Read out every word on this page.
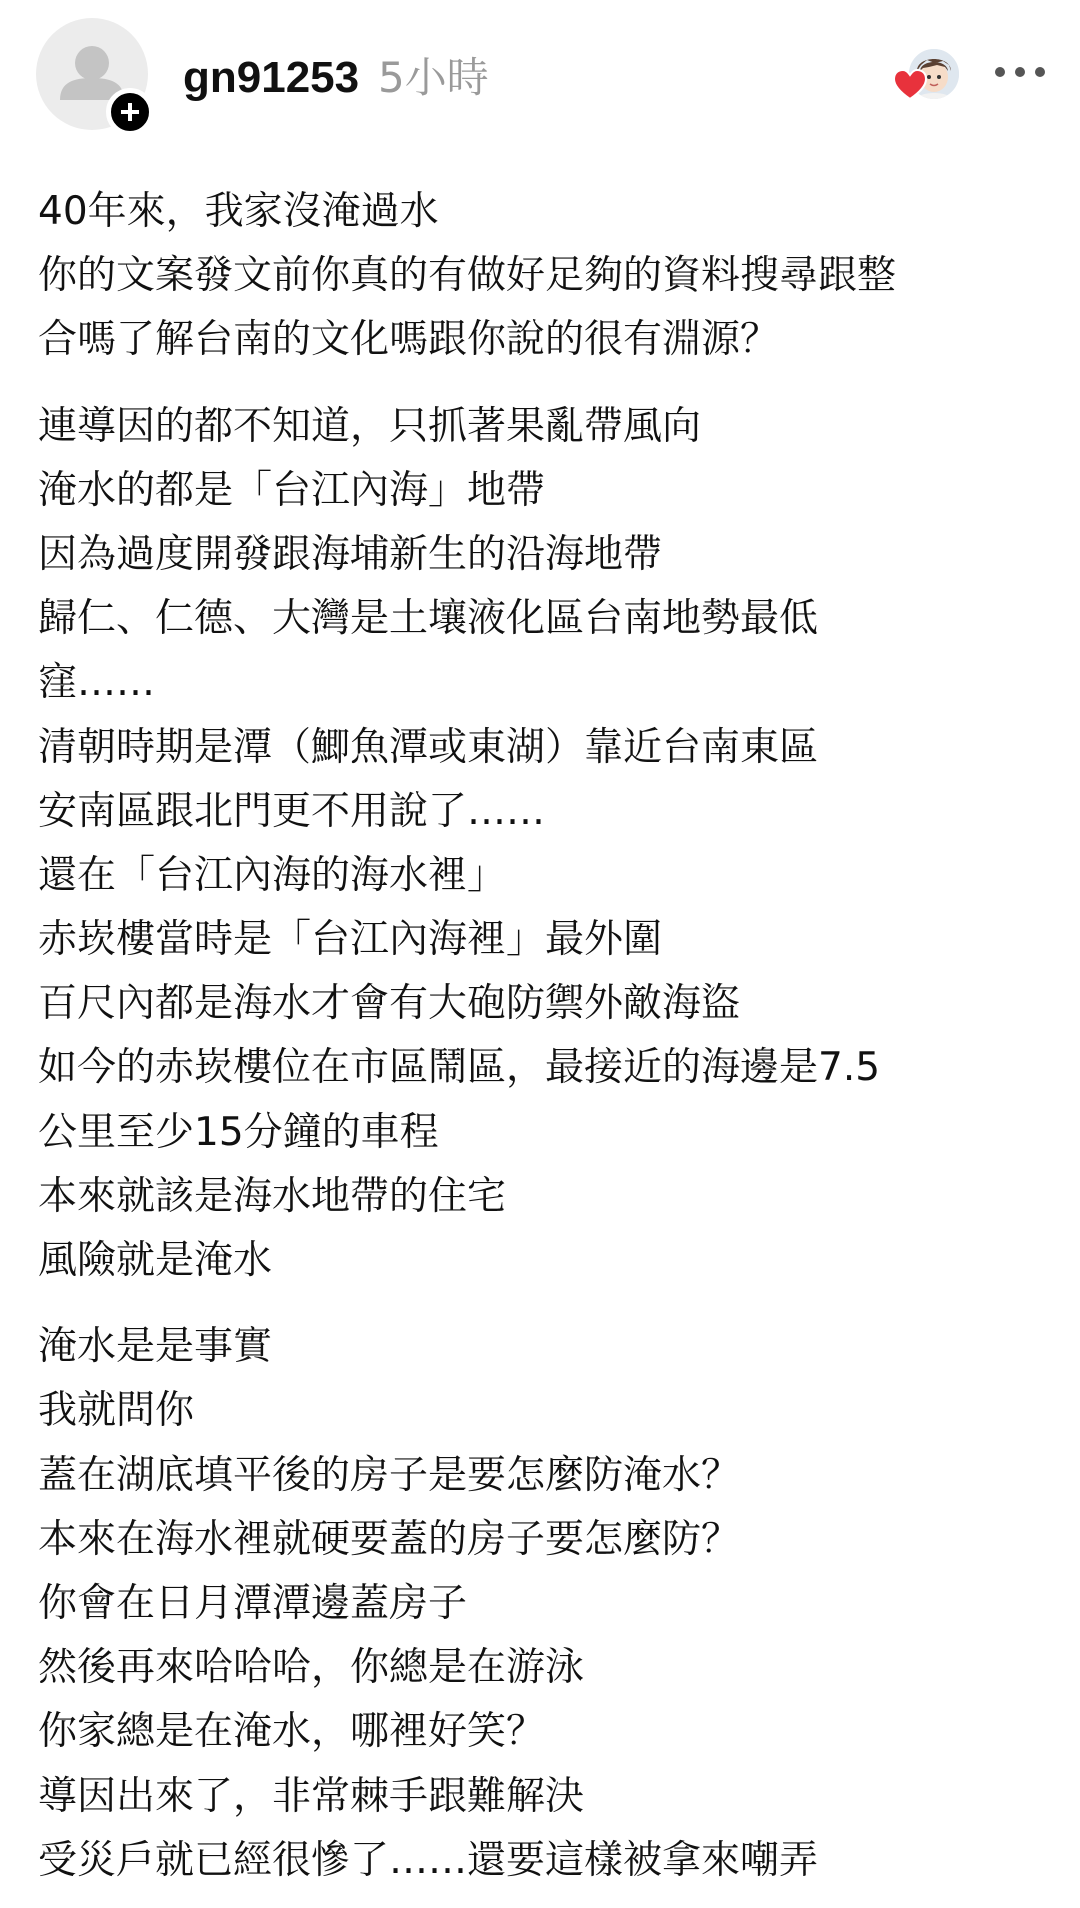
gn91253 5小時
40年來，我家沒淹過水
你的文案發文前你真的有做好足夠的資料搜尋跟整
合嗎了解台南的文化嗎跟你說的很有淵源？
連導因的都不知道，只抓著果亂帶風向
淹水的都是「台江內海」地帶
因為過度開發跟海埔新生的沿海地帶
歸仁、仁德、大灣是土壤液化區台南地勢最低
窪……
清朝時期是潭（鯽魚潭或東湖）靠近台南東區
安南區跟北門更不用說了……
還在「台江內海的海水裡」
赤崁樓當時是「台江內海裡」最外圍
百尺內都是海水才會有大砲防禦外敵海盜
如今的赤崁樓位在市區鬧區，最接近的海邊是7.5
公里至少15分鐘的車程
本來就該是海水地帶的住宅
風險就是淹水
淹水是是事實
我就問你
蓋在湖底填平後的房子是要怎麼防淹水？
本來在海水裡就硬要蓋的房子要怎麼防？
你會在日月潭潭邊蓋房子
然後再來哈哈哈，你總是在游泳
你家總是在淹水，哪裡好笑？
導因出來了，非常棘手跟難解決
受災戶就已經很慘了……還要這樣被拿來嘲弄
